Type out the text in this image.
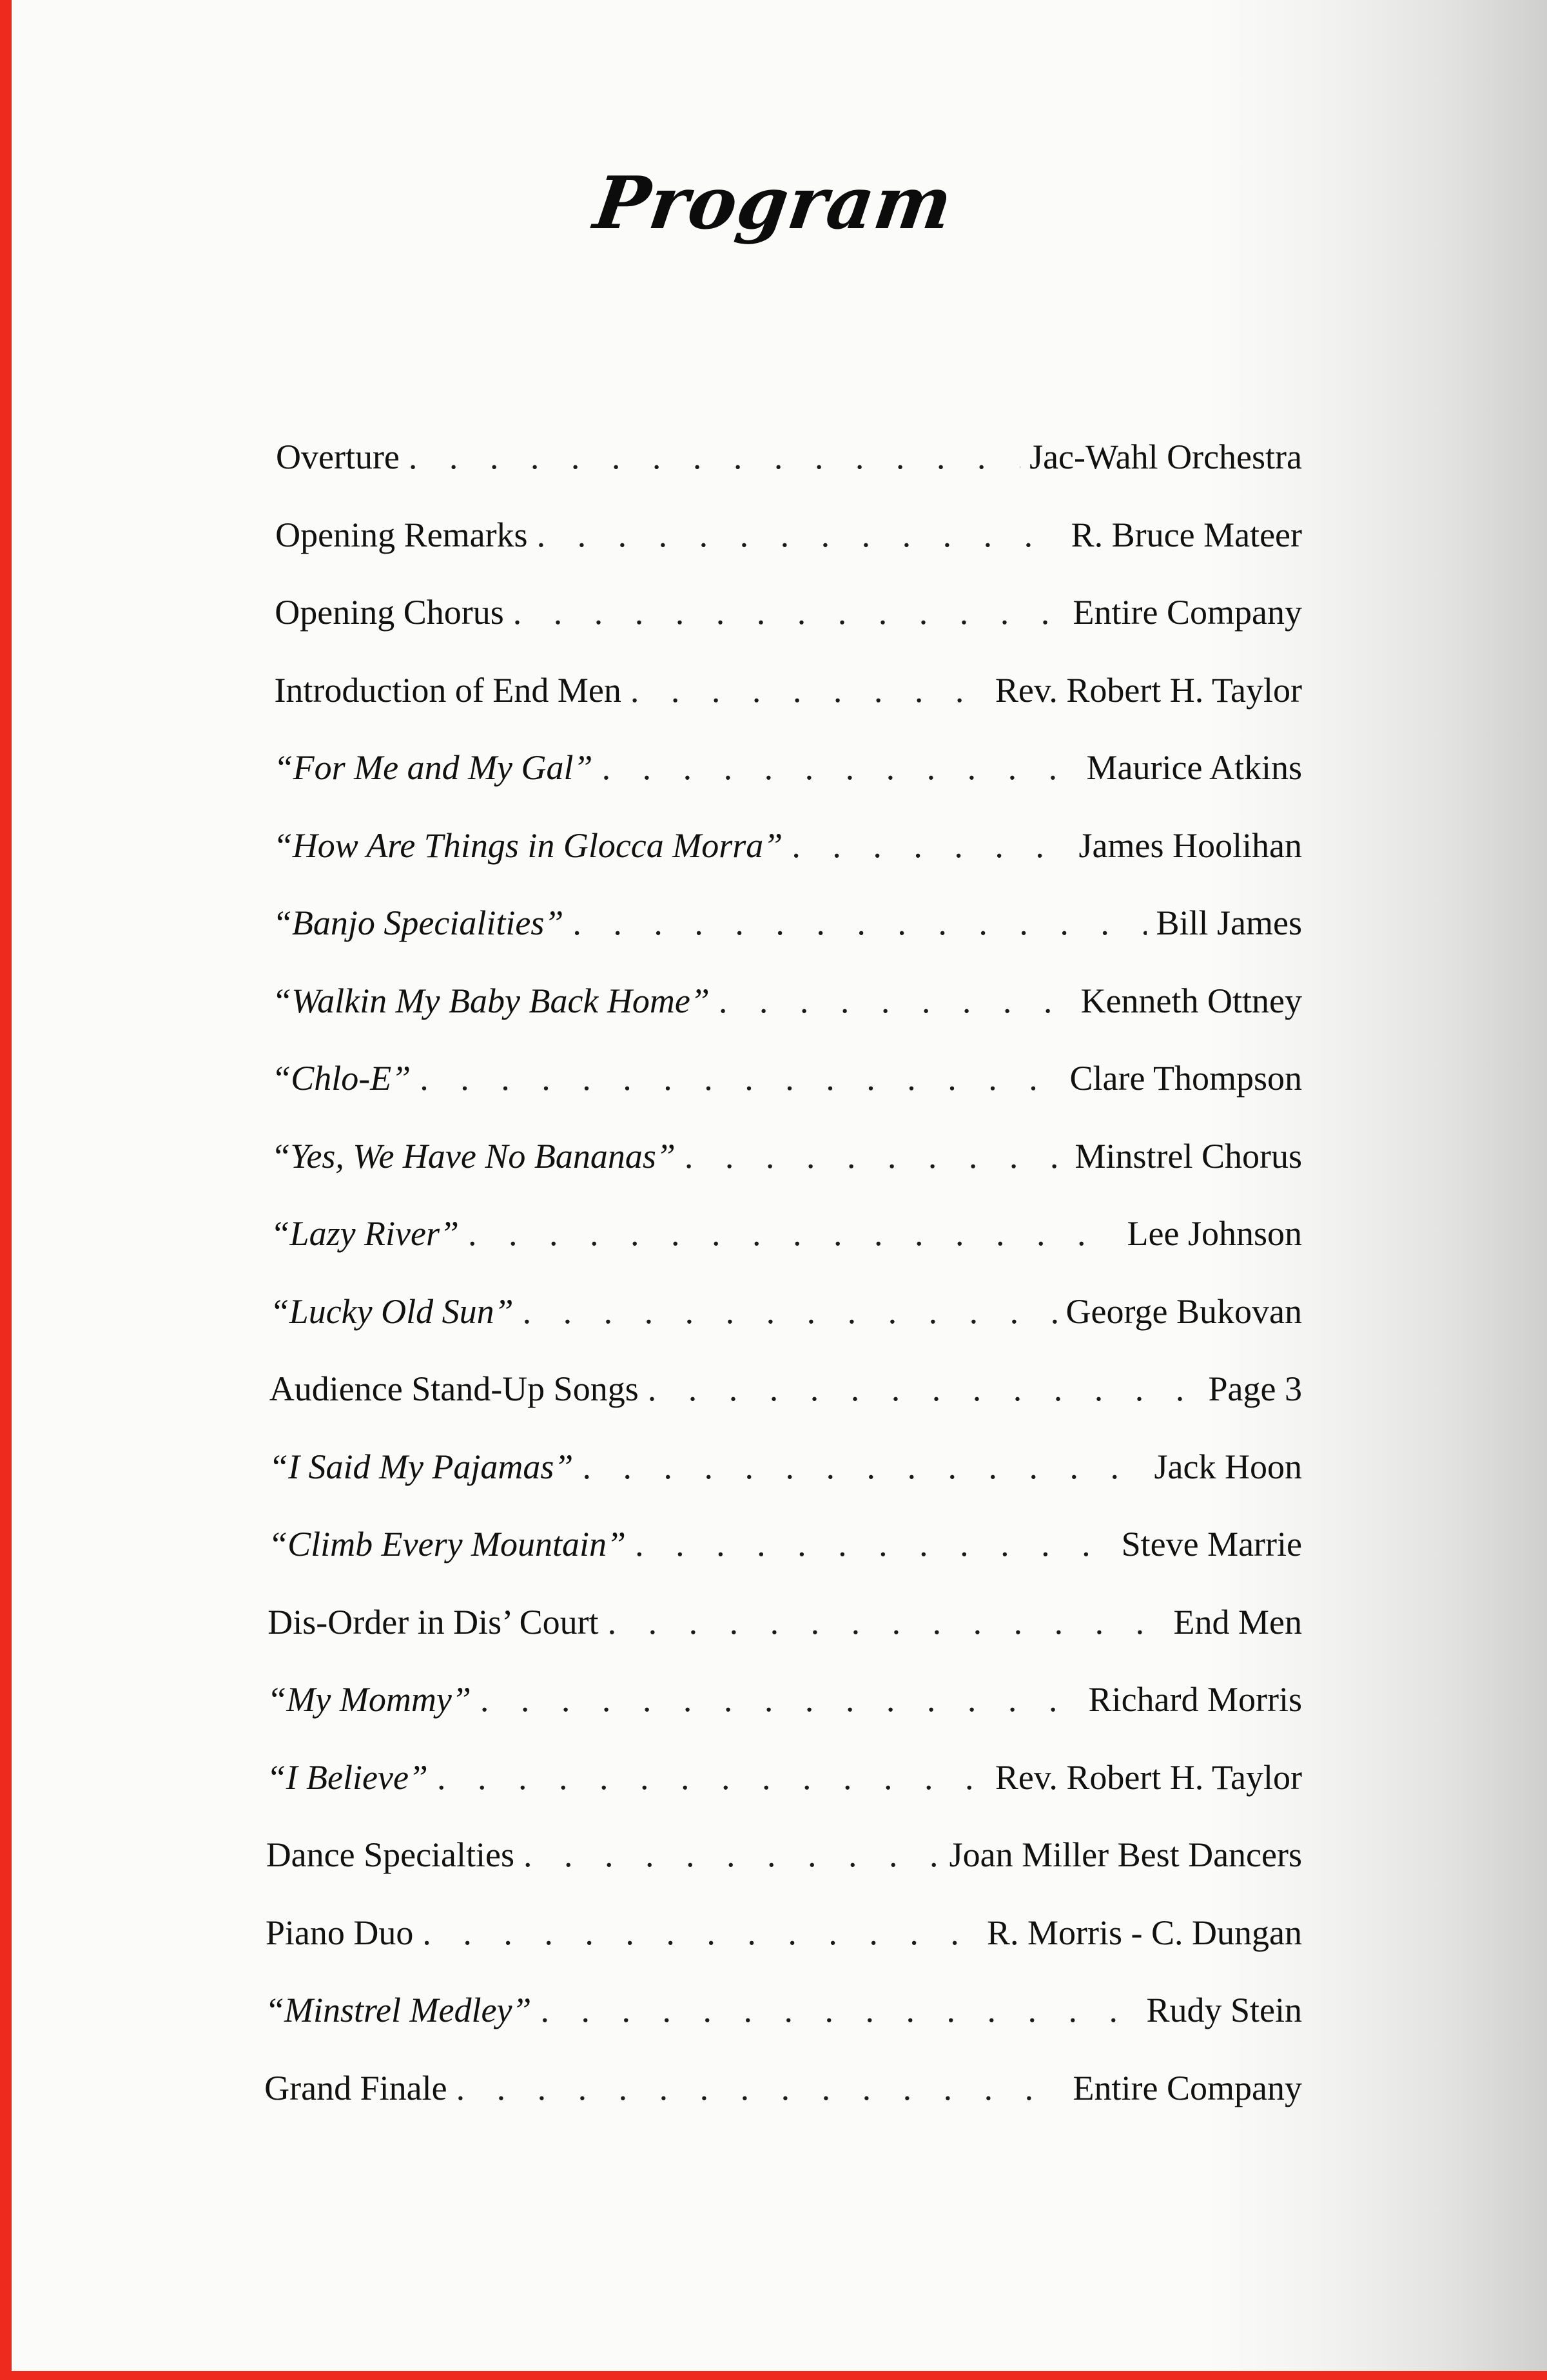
Program
Overture . . .	Jac-Wahl Orchestra
Opening Remarks . . .	R. Bruce Mateer
Opening Chorus . . .	Entire Company
Introduction of End Men . . .	Rev. Robert H. Taylor
“For Me and My Gal” . . .	Maurice Atkins
“How Are Things in Glocca Morra” . . .	James Hoolihan
“Banjo Specialities” . . .	Bill James
“Walkin My Baby Back Home” . . .	Kenneth Ottney
“Chlo-E” . . .	Clare Thompson
“Yes, We Have No Bananas” . . .	Minstrel Chorus
“Lazy River” . . .	Lee Johnson
“Lucky Old Sun” . . .	George Bukovan
Audience Stand-Up Songs . . .	Page 3
“I Said My Pajamas” . . .	Jack Hoon
“Climb Every Mountain” . . .	Steve Marrie
Dis-Order in Dis’ Court . . .	End Men
“My Mommy” . . .	Richard Morris
“I Believe” . . .	Rev. Robert H. Taylor
Dance Specialties . . .	Joan Miller Best Dancers
Piano Duo . . .	R. Morris - C. Dungan
“Minstrel Medley” . . .	Rudy Stein
Grand Finale . . .	Entire Company
